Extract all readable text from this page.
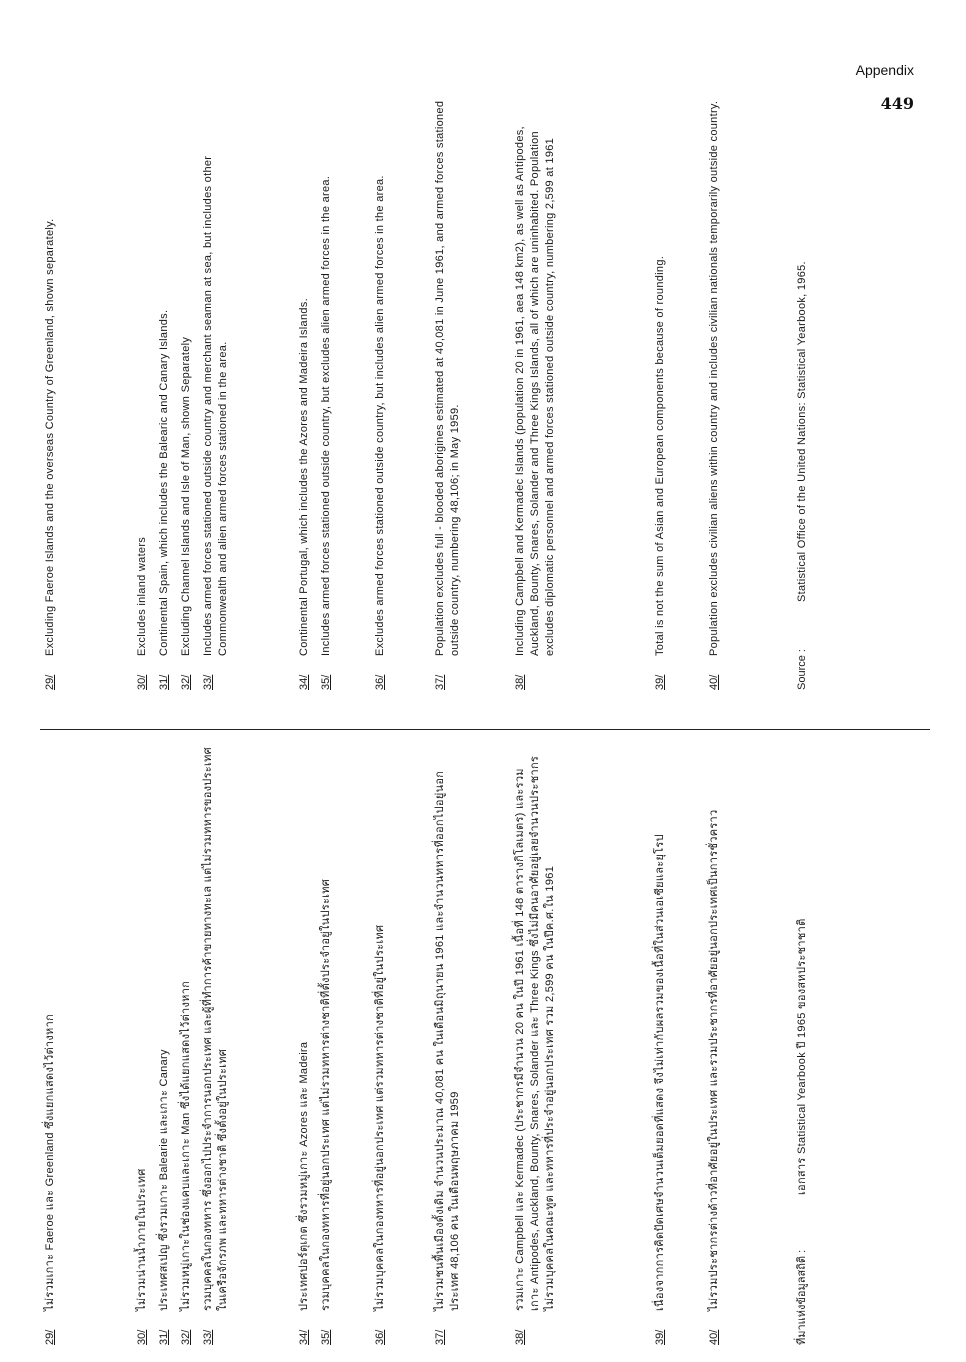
Appendix
449
29/
ไม่รวมเกาะ Faeroe และ Greenland ซึ่งแยกแสดงไว้ต่างหาก
30/
ไม่รวมน่านน้ำภายในประเทศ
31/
ประเทศสเปญ ซึ่งรวมเกาะ Balearie และเกาะ Canary
32/
ไม่รวมหมู่เกาะในช่องแคบและเกาะ Man ซึ่งได้แยกแสดงไว้ต่างหาก
33/
รวมบุคคลในกองทหาร ซึ่งออกไปประจำการนอกประเทศ และผู้ที่ทำการค้าขายทางทะเล แต่ไม่รวมทหารของประเทศในเครือจักรภพ และทหารต่างชาติ ซึ่งตั้งอยู่ในประเทศ
34/
ประเทศปอร์ตุเกต ซึ่งรวมหมู่เกาะ Azores และ Madeira
35/
รวมบุคคลในกองทหารที่อยู่นอกประเทศ แต่ไม่รวมทหารต่างชาติที่ตั้งประจำอยู่ในประเทศ
36/
ไม่รวมบุคคลในกองทหารที่อยู่นอกประเทศ แต่รวมทหารต่างชาติที่อยู่ในประเทศ
37/
ไม่รวมชนพื้นเมืองดั้งเดิม จำนวนประมาณ 40,081 คน ในเดือนมิถุนายน 1961 และจำนวนทหารที่ออกไปอยู่นอกประเทศ 48,106 คน ในเดือนพฤษภาคม 1959
38/
รวมเกาะ Campbell และ Kermadec (ประชากรมีจำนวน 20 คน ในปี 1961 เนื้อที่ 148 ตารางกิโลเมตร) และรวมเกาะ Antipodes, Auckland, Bounty, Snares, Solander และ Three Kings ซึ่งไม่มีคนอาศัยอยู่เลยจำนวนประชากรไม่รวมบุคคลในคณะทูต และทหารที่ประจำอยู่นอกประเทศ รวม 2,599 คน ในปีค.ศ.ใน 1961
39/
เนื่องจากการคิดปัดเศษจำนวนเต็มยอดที่แสดง จึงไม่เท่ากับผลรวมของเนื้อที่ในส่วนเอเซียและยุโรป
40/
ไม่รวมประชากรต่างด้าวที่อาศัยอยู่ในประเทศ และรวมประชากรที่อาศัยอยู่นอกประเทศเป็นการชั่วคราว	ที่มาแห่งข้อมูลสถิติ :
เอกสาร Statistical Yearbook ปี 1965 ของสหประชาชาติ
29/
Excluding Faeroe Islands and the overseas Country of Greenland, shown separately.
30/
Excludes inland waters
31/
Continental Spain, which includes the Balearic and Canary Islands.
32/
Excluding Channel Islands and Isle of Man, shown Separately
33/
Includes armed forces stationed outside country and merchant seaman at sea, but includes other Commonwealth and alien armed forces stationed in the area.
34/
Continental Portugal, which includes the Azores and Madeira Islands.
35/
Includes armed forces stationed outside country, but excludes alien armed forces in the area.
36/
Excludes armed forces stationed outside country, but includes alien armed forces in the area.
37/
Population excludes full - blooded aborigines estimated at 40,081 in June 1961, and armed forces stationed outside country, numbering 48,106; in May 1959.
38/
Including Campbell and Kermadec Islands (population 20 in 1961, aea 148 km2), as well as Antipodes, Auckland, Bounty, Snares, Solander and Three Kings Islands, all of which are uninhabited. Population excludes diplomatic personnel and armed forces stationed outside country, numbering 2,599 at 1961
39/
Total is not the sum of Asian and European components because of rounding.
40/
Population excludes civilian aliens within country and includes civilian nationals temporarily outside country.
Source :
Statistical Office of the United Nations: Statistical Yearbook, 1965.
